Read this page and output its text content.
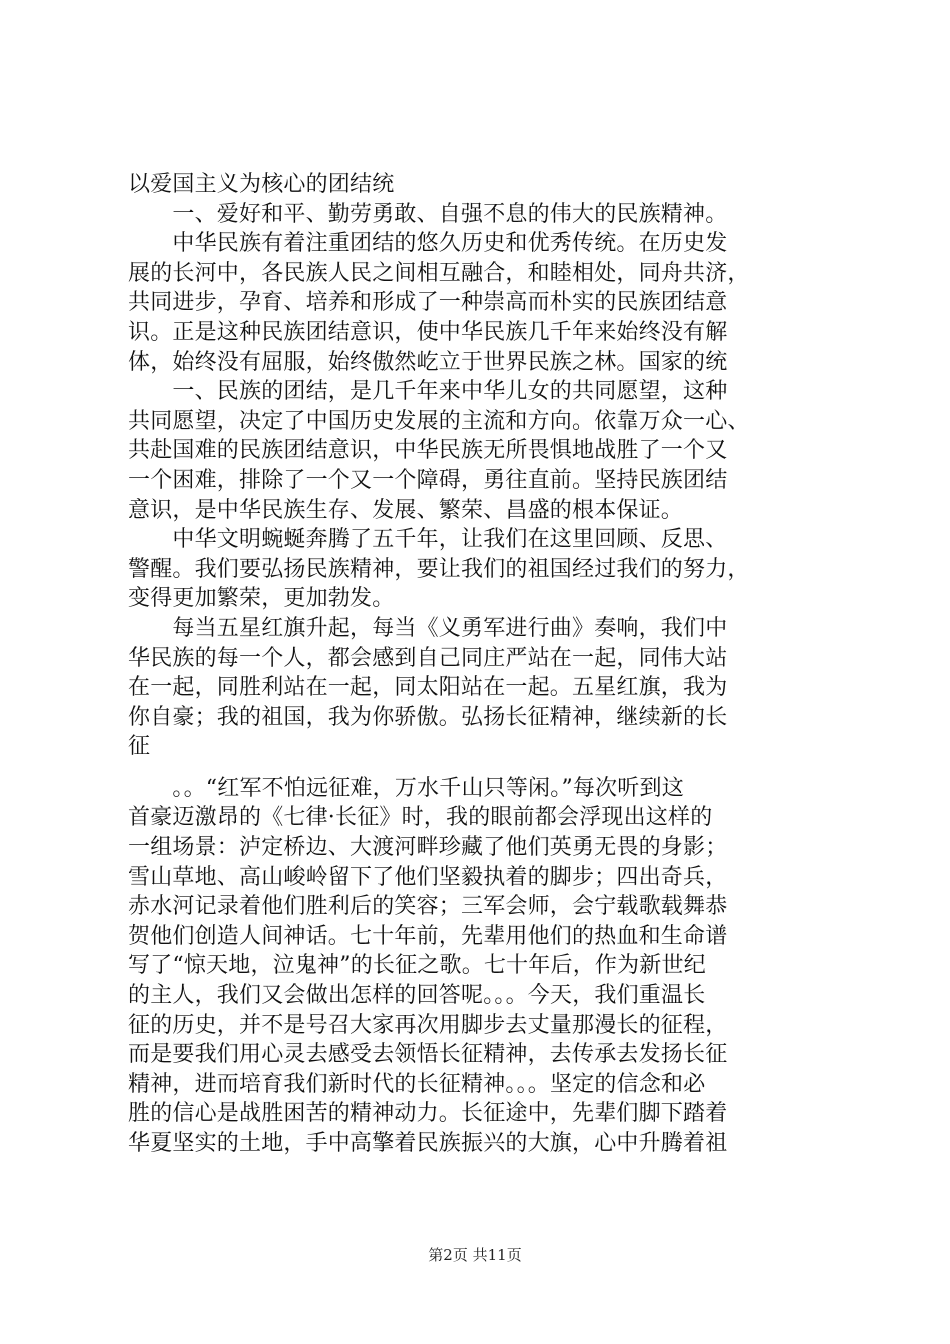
以爱国主义为核心的团结统
　　一、爱好和平、勤劳勇敢、自强不息的伟大的民族精神。
　　中华民族有着注重团结的悠久历史和优秀传统。在历史发
展的长河中，各民族人民之间相互融合，和睦相处，同舟共济，
共同进步，孕育、培养和形成了一种崇高而朴实的民族团结意
识。正是这种民族团结意识，使中华民族几千年来始终没有解
体，始终没有屈服，始终傲然屹立于世界民族之林。国家的统
　　一、民族的团结，是几千年来中华儿女的共同愿望，这种
共同愿望，决定了中国历史发展的主流和方向。依靠万众一心、
共赴国难的民族团结意识，中华民族无所畏惧地战胜了一个又
一个困难，排除了一个又一个障碍，勇往直前。坚持民族团结
意识，是中华民族生存、发展、繁荣、昌盛的根本保证。
　　中华文明蜿蜒奔腾了五千年，让我们在这里回顾、反思、
警醒。我们要弘扬民族精神，要让我们的祖国经过我们的努力，
变得更加繁荣，更加勃发。
　　每当五星红旗升起，每当《义勇军进行曲》奏响，我们中
华民族的每一个人，都会感到自己同庄严站在一起，同伟大站
在一起，同胜利站在一起，同太阳站在一起。五星红旗，我为
你自豪；我的祖国，我为你骄傲。弘扬长征精神，继续新的长
征
　　。。“红军不怕远征难，万水千山只等闲。”每次听到这
首豪迈激昂的《七律·长征》时，我的眼前都会浮现出这样的
一组场景：泸定桥边、大渡河畔珍藏了他们英勇无畏的身影；
雪山草地、高山峻岭留下了他们坚毅执着的脚步；四出奇兵，
赤水河记录着他们胜利后的笑容；三军会师，会宁载歌载舞恭
贺他们创造人间神话。七十年前，先辈用他们的热血和生命谱
写了“惊天地，泣鬼神”的长征之歌。七十年后，作为新世纪
的主人，我们又会做出怎样的回答呢。。。今天，我们重温长
征的历史，并不是号召大家再次用脚步去丈量那漫长的征程，
而是要我们用心灵去感受去领悟长征精神，去传承去发扬长征
精神，进而培育我们新时代的长征精神。。。坚定的信念和必
胜的信心是战胜困苦的精神动力。长征途中，先辈们脚下踏着
华夏坚实的土地，手中高擎着民族振兴的大旗，心中升腾着祖
第2页 共11页
